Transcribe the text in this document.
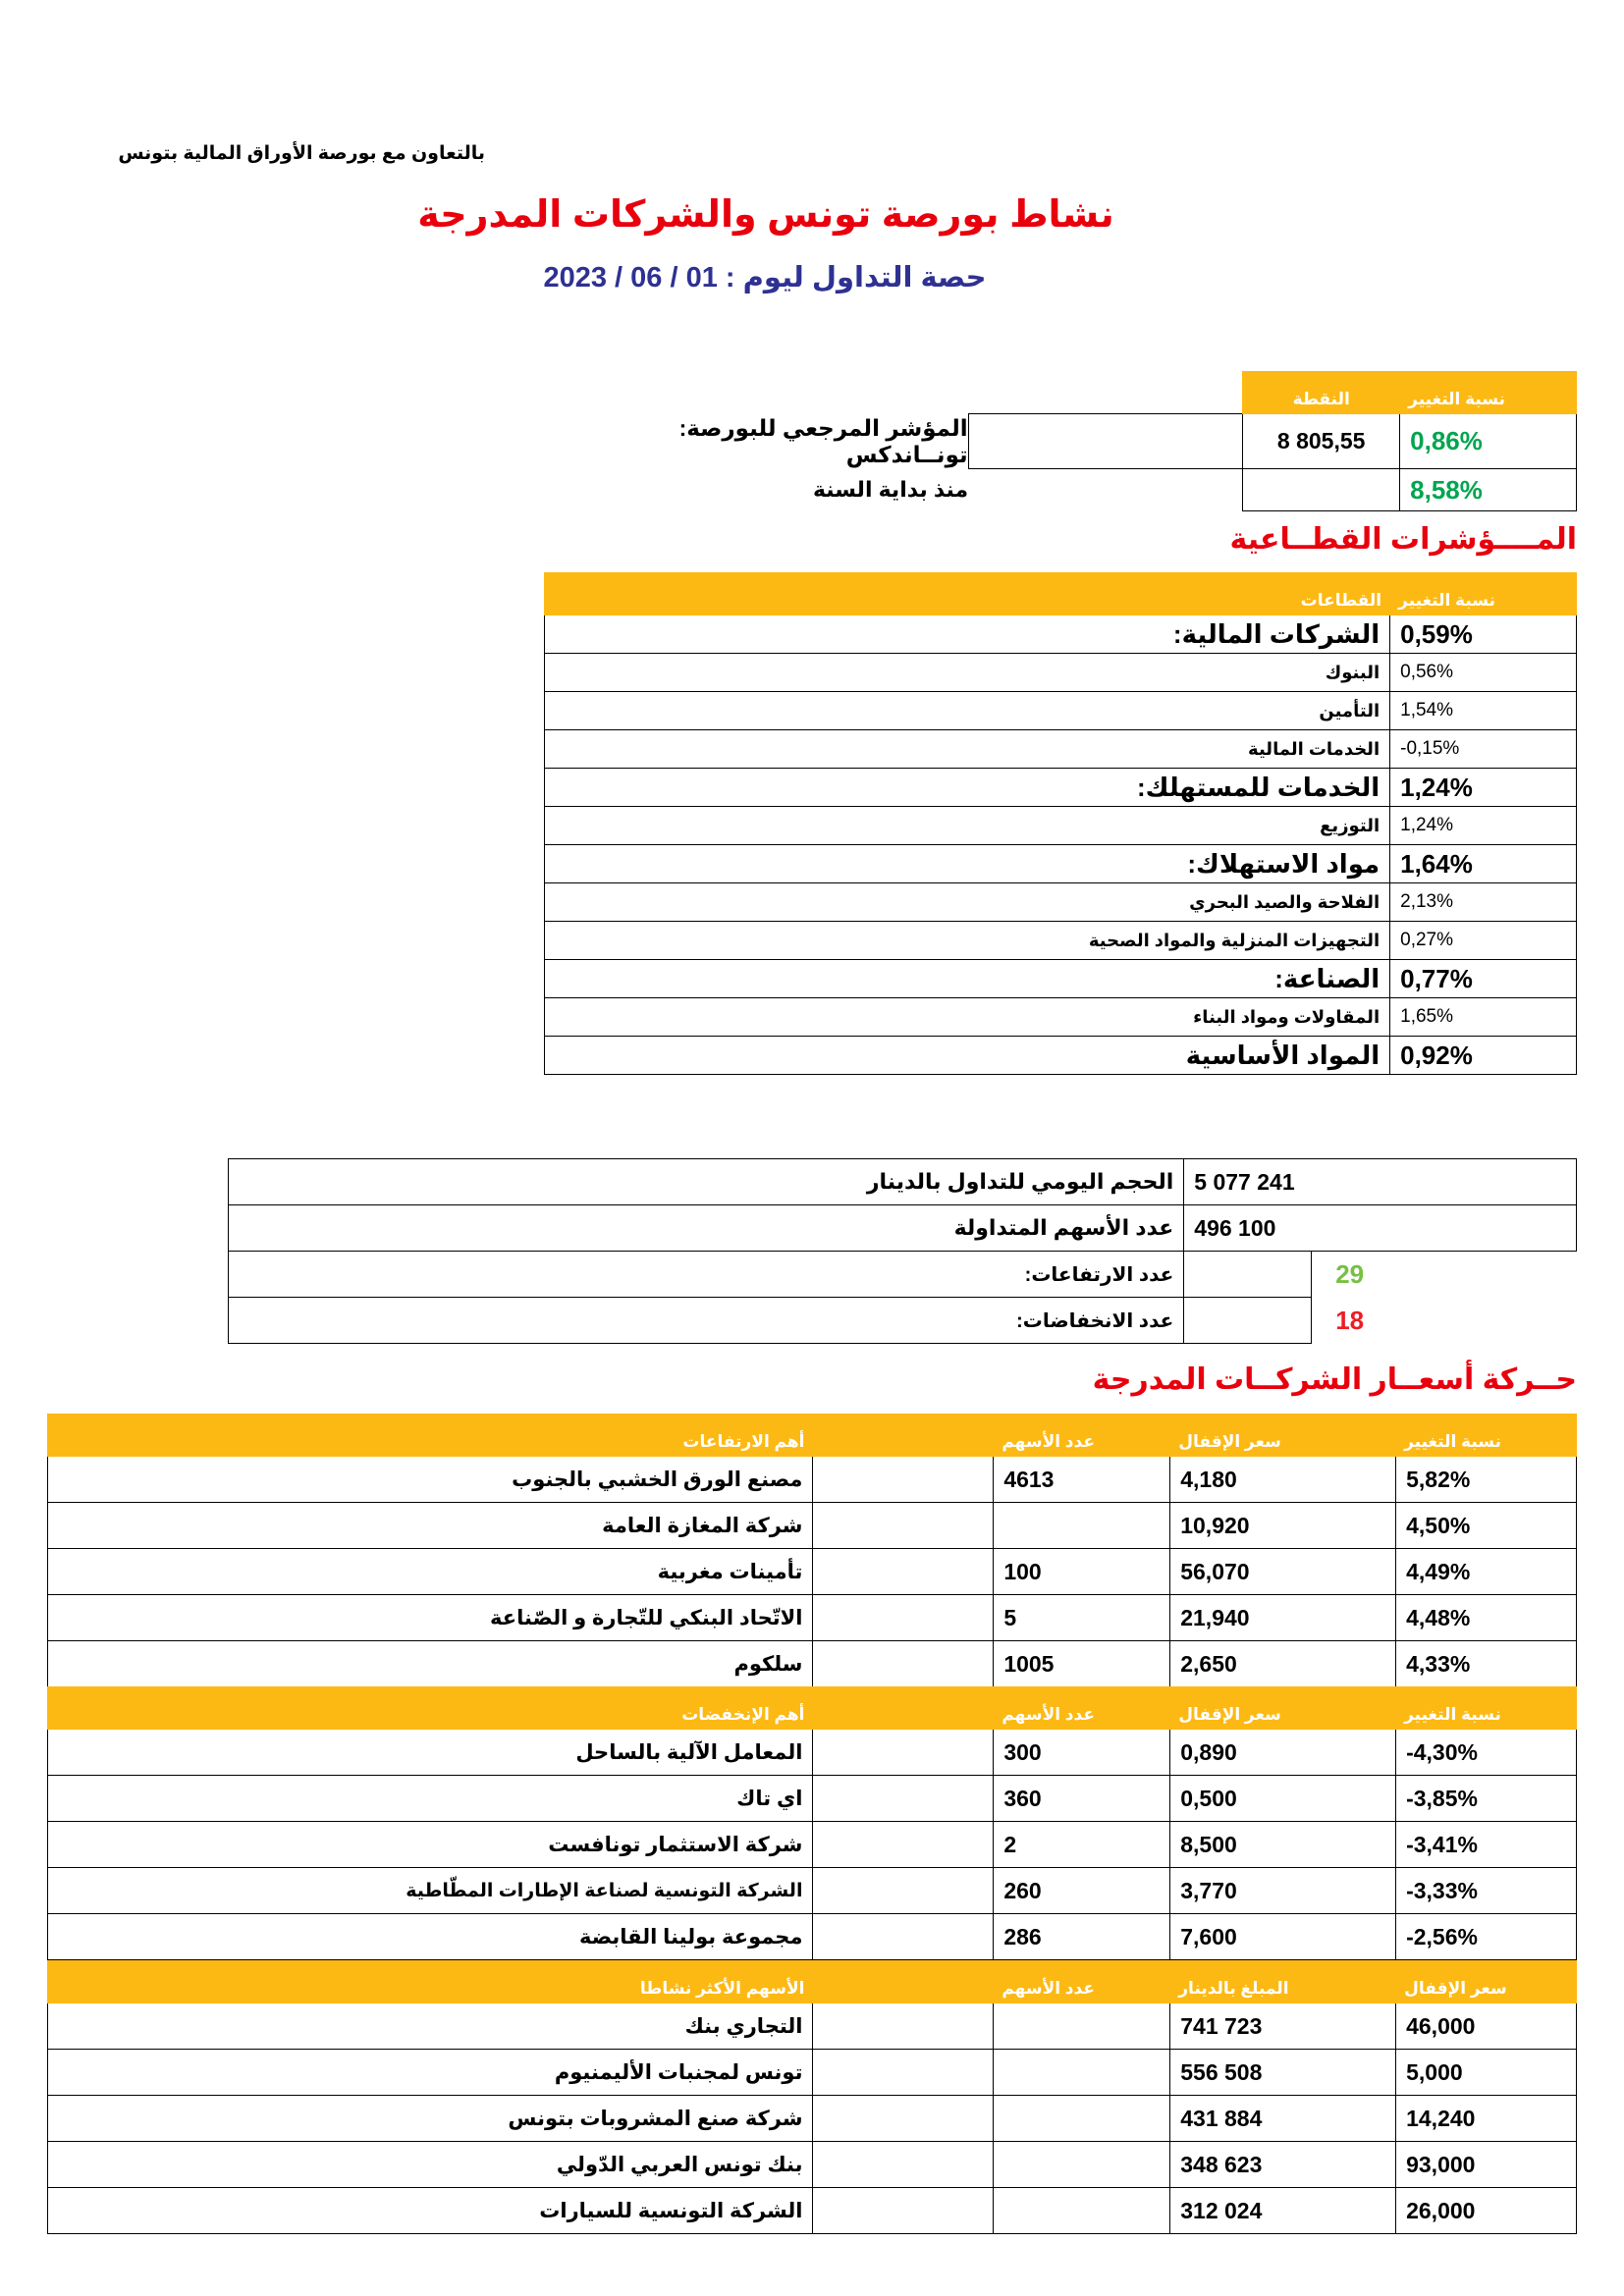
بالتعاون مع بورصة الأوراق المالية بتونس
نشاط بورصة تونس والشركات المدرجة
حصة التداول ليوم : 01 / 06 / 2023
نسبة التغيير	النقطة		
0,86%	8 805,55		المؤشر المرجعي للبورصة: تونــاندكس
8,58%			منذ بداية السنة
المــــؤشرات القطــاعية
نسبة التغيير	القطاعات
0,59%	الشركات المالية:
0,56%	البنوك
1,54%	التأمين
-0,15%	الخدمات المالية
1,24%	الخدمات للمستهلك:
1,24%	التوزيع
1,64%	مواد الاستهلاك:
2,13%	الفلاحة والصيد البحري
0,27%	التجهيزات المنزلية والمواد الصحية
0,77%	الصناعة:
1,65%	المقاولات ومواد البناء
0,92%	المواد الأساسية
5 077 241		الحجم اليومي للتداول بالدينار
496 100		عدد الأسهم المتداولة
29		عدد الارتفاعات:
18		عدد الانخفاضات:
حــركة أسعــار الشركــات المدرجة
نسبة التغيير	سعر الإقفال	عدد الأسهم		أهم الارتفاعات
5,82%	4,180	4613		مصنع الورق الخشبي بالجنوب
4,50%	10,920			شركة المغازة العامة
4,49%	56,070	100		تأمينات مغربية
4,48%	21,940	5		الاتّحاد البنكي للتّجارة و الصّناعة
4,33%	2,650	1005		سلكوم
نسبة التغيير	سعر الإقفال	عدد الأسهم		أهم الإنخفضات
-4,30%	0,890	300		المعامل الآلية بالساحل
-3,85%	0,500	360		اي تاك
-3,41%	8,500	2		شركة الاستثمار تونافست
-3,33%	3,770	260		الشركة التونسية لصناعة الإطارات المطّاطية
-2,56%	7,600	286		مجموعة بولينا القابضة
سعر الإقفال	المبلغ بالدينار	عدد الأسهم		الأسهم الأكثر نشاطا
46,000	741 723			التجاري بنك
5,000	556 508			تونس لمجنبات الأليمنيوم
14,240	431 884			شركة صنع المشروبات بتونس
93,000	348 623			بنك تونس العربي الدّولي
26,000	312 024			الشركة التونسية للسيارات
